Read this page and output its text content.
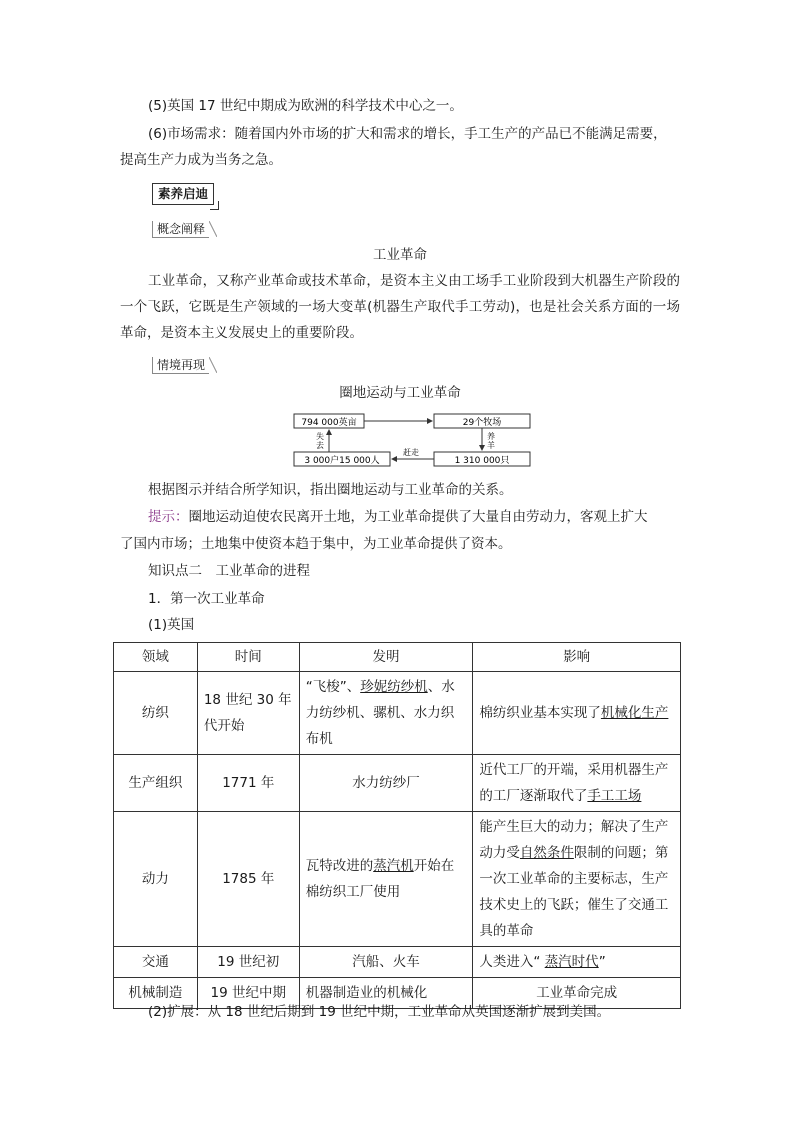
(5)英国 17 世纪中期成为欧洲的科学技术中心之一。
(6)市场需求：随着国内外市场的扩大和需求的增长，手工生产的产品已不能满足需要，
提高生产力成为当务之急。
素养启迪
概念阐释
工业革命
工业革命，又称产业革命或技术革命，是资本主义由工场手工业阶段到大机器生产阶段的一个飞跃，它既是生产领域的一场大变革(机器生产取代手工劳动)，也是社会关系方面的一场革命，是资本主义发展史上的重要阶段。
情境再现
圈地运动与工业革命
794 000英亩	29个牧场
3 000户15 000人	1 310 000只
失
去
养
羊
赶走
根据图示并结合所学知识，指出圈地运动与工业革命的关系。
提示：圈地运动迫使农民离开土地，为工业革命提供了大量自由劳动力，客观上扩大
了国内市场；土地集中使资本趋于集中，为工业革命提供了资本。
知识点二　工业革命的进程
1．第一次工业革命
(1)英国
领域	时间	发明	影响
纺织	18 世纪 30 年代开始	“飞梭”、珍妮纺纱机、水力纺纱机、骡机、水力织布机	棉纺织业基本实现了机械化生产
生产组织	1771 年	水力纺纱厂	近代工厂的开端，采用机器生产的工厂逐渐取代了手工工场
动力	1785 年	瓦特改进的蒸汽机开始在棉纺织工厂使用	能产生巨大的动力；解决了生产动力受自然条件限制的问题；第一次工业革命的主要标志，生产技术史上的飞跃；催生了交通工具的革命
交通	19 世纪初	汽船、火车	人类进入“ 蒸汽时代”
机械制造	19 世纪中期	机器制造业的机械化	工业革命完成
(2)扩展：从 18 世纪后期到 19 世纪中期，工业革命从英国逐渐扩展到美国。
